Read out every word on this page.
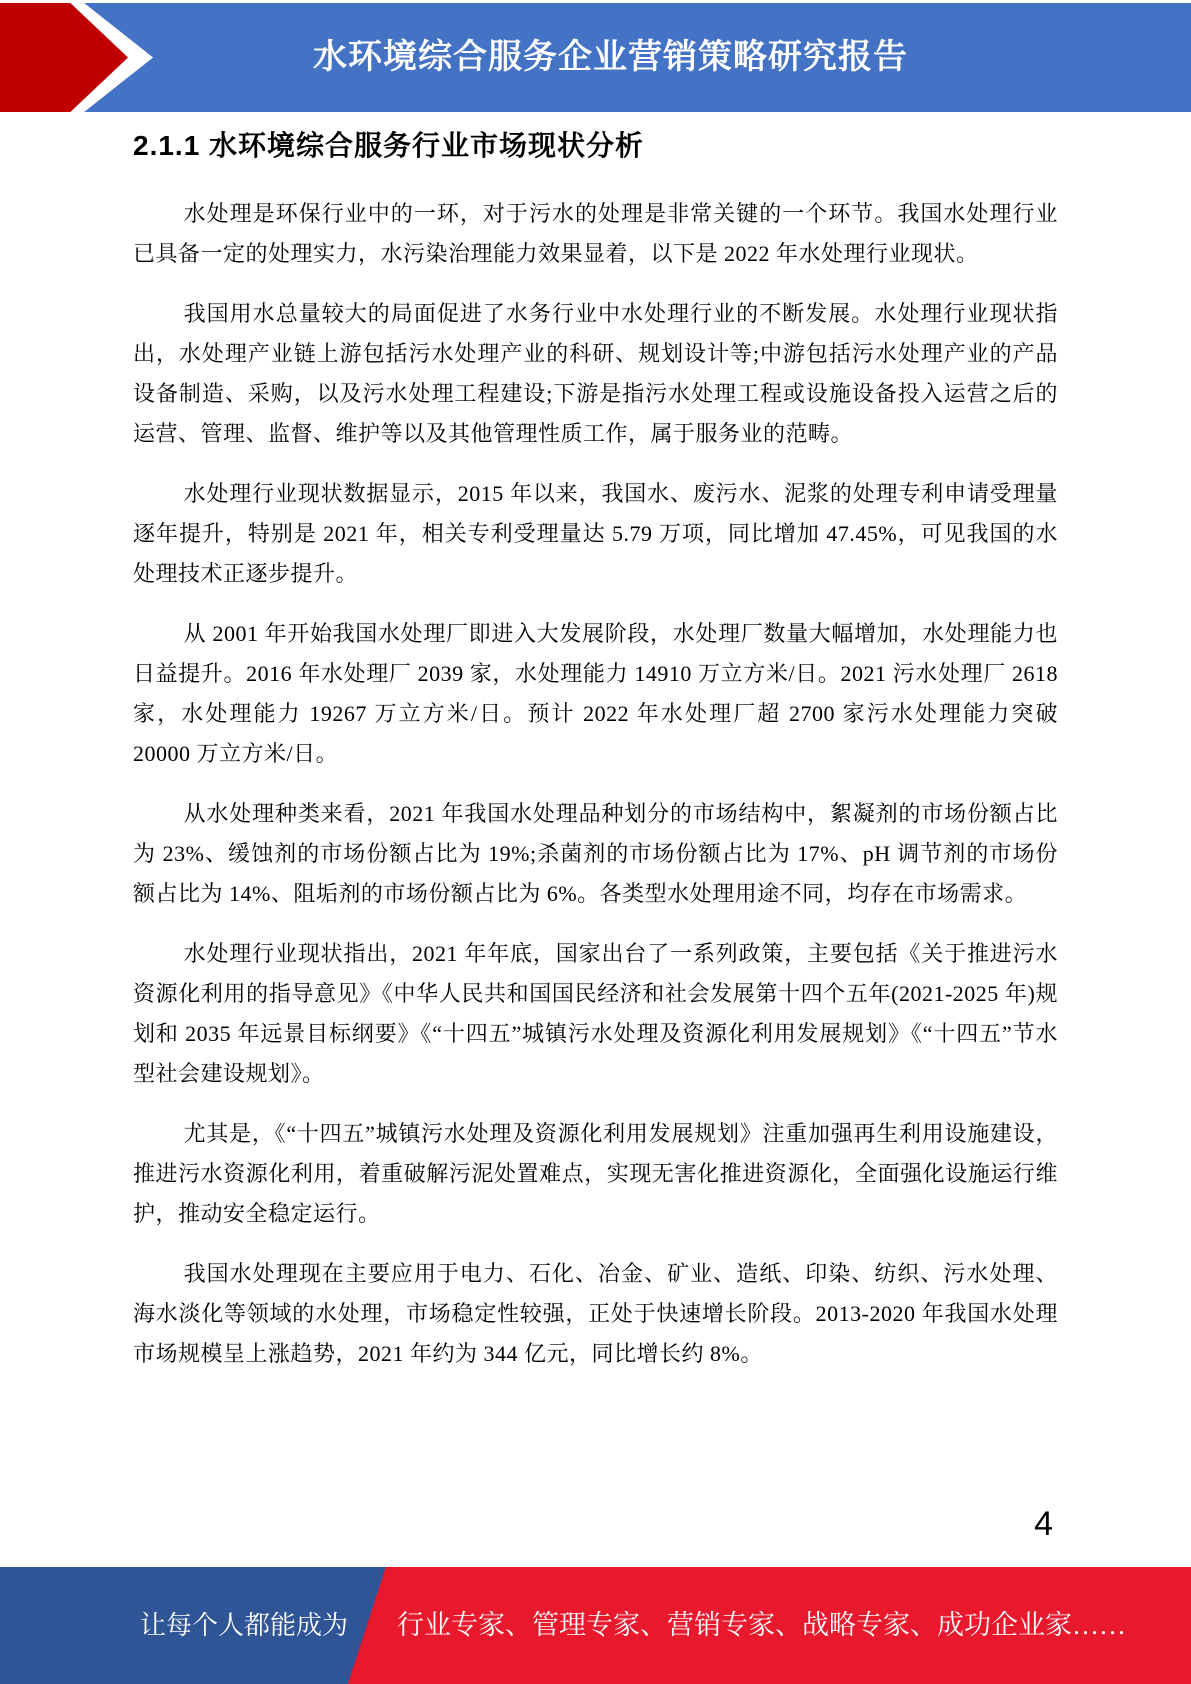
水环境综合服务企业营销策略研究报告
2.1.1 水环境综合服务行业市场现状分析

水处理是环保行业中的一环，对于污水的处理是非常关键的一个环节。我国水处理行业已具备一定的处理实力，水污染治理能力效果显着，以下是 2022 年水处理行业现状。

我国用水总量较大的局面促进了水务行业中水处理行业的不断发展。水处理行业现状指出，水处理产业链上游包括污水处理产业的科研、规划设计等;中游包括污水处理产业的产品设备制造、采购，以及污水处理工程建设;下游是指污水处理工程或设施设备投入运营之后的运营、管理、监督、维护等以及其他管理性质工作，属于服务业的范畴。

水处理行业现状数据显示，2015 年以来，我国水、废污水、泥浆的处理专利申请受理量逐年提升，特别是 2021 年，相关专利受理量达 5.79 万项，同比增加 47.45%，可见我国的水处理技术正逐步提升。

从 2001 年开始我国水处理厂即进入大发展阶段，水处理厂数量大幅增加，水处理能力也日益提升。2016 年水处理厂 2039 家，水处理能力 14910 万立方米/日。2021 污水处理厂 2618 家，水处理能力 19267 万立方米/日。预计 2022 年水处理厂超 2700 家污水处理能力突破 20000 万立方米/日。

从水处理种类来看，2021 年我国水处理品种划分的市场结构中，絮凝剂的市场份额占比为 23%、缓蚀剂的市场份额占比为 19%;杀菌剂的市场份额占比为 17%、pH 调节剂的市场份额占比为 14%、阻垢剂的市场份额占比为 6%。各类型水处理用途不同，均存在市场需求。

水处理行业现状指出，2021 年年底，国家出台了一系列政策，主要包括《关于推进污水资源化利用的指导意见》《中华人民共和国国民经济和社会发展第十四个五年(2021-2025 年)规划和 2035 年远景目标纲要》《“十四五”城镇污水处理及资源化利用发展规划》《“十四五”节水型社会建设规划》。

尤其是，《“十四五”城镇污水处理及资源化利用发展规划》注重加强再生利用设施建设，推进污水资源化利用，着重破解污泥处置难点，实现无害化推进资源化，全面强化设施运行维护，推动安全稳定运行。

我国水处理现在主要应用于电力、石化、冶金、矿业、造纸、印染、纺织、污水处理、海水淡化等领域的水处理，市场稳定性较强，正处于快速增长阶段。2013-2020 年我国水处理市场规模呈上涨趋势，2021 年约为 344 亿元，同比增长约 8%。

4
让每个人都能成为 行业专家、管理专家、营销专家、战略专家、成功企业家……
